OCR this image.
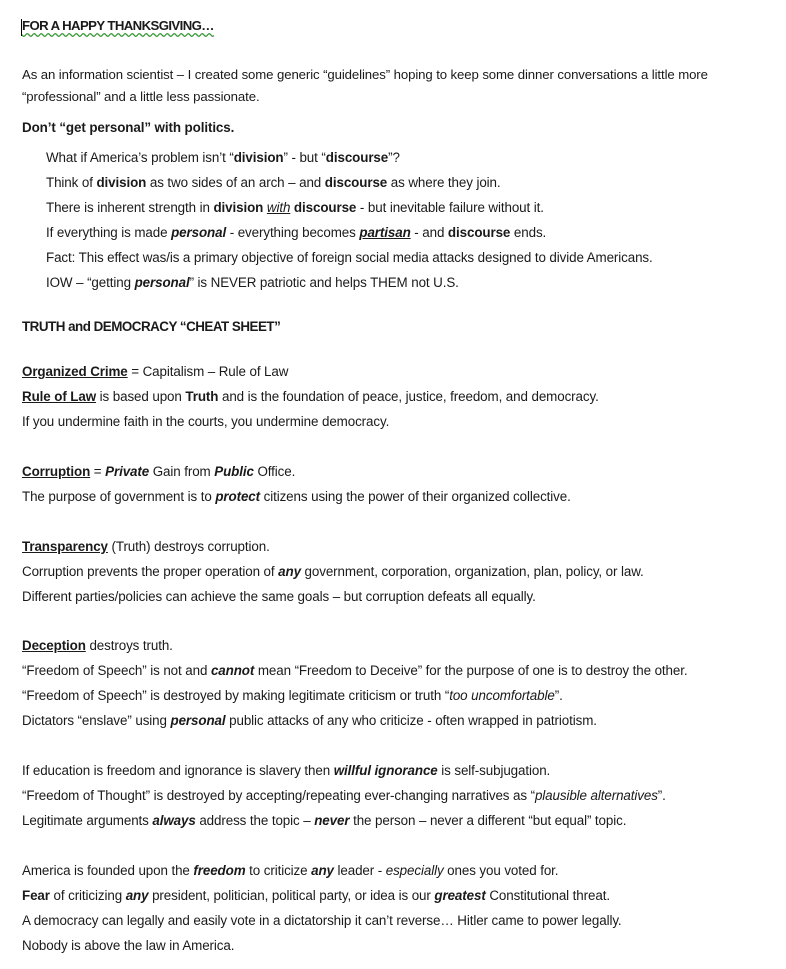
FOR A HAPPY THANKSGIVING…
As an information scientist – I created some generic “guidelines” hoping to keep some dinner conversations a little more
“professional” and a little less passionate.
Don’t “get personal” with politics.
What if America’s problem isn’t “division” - but “discourse”?
Think of division as two sides of an arch – and discourse as where they join.
There is inherent strength in division with discourse - but inevitable failure without it.
If everything is made personal - everything becomes partisan - and discourse ends.
Fact: This effect was/is a primary objective of foreign social media attacks designed to divide Americans.
IOW – “getting personal” is NEVER patriotic and helps THEM not U.S.
TRUTH and DEMOCRACY “CHEAT SHEET”
Organized Crime = Capitalism – Rule of Law
Rule of Law is based upon Truth and is the foundation of peace, justice, freedom, and democracy.
If you undermine faith in the courts, you undermine democracy.
Corruption = Private Gain from Public Office.
The purpose of government is to protect citizens using the power of their organized collective.
Transparency (Truth) destroys corruption.
Corruption prevents the proper operation of any government, corporation, organization, plan, policy, or law.
Different parties/policies can achieve the same goals – but corruption defeats all equally.
Deception destroys truth.
“Freedom of Speech” is not and cannot mean “Freedom to Deceive” for the purpose of one is to destroy the other.
“Freedom of Speech” is destroyed by making legitimate criticism or truth “too uncomfortable”.
Dictators “enslave” using personal public attacks of any who criticize - often wrapped in patriotism.
If education is freedom and ignorance is slavery then willful ignorance is self-subjugation.
“Freedom of Thought” is destroyed by accepting/repeating ever-changing narratives as “plausible alternatives”.
Legitimate arguments always address the topic – never the person – never a different “but equal” topic.
America is founded upon the freedom to criticize any leader - especially ones you voted for.
Fear of criticizing any president, politician, political party, or idea is our greatest Constitutional threat.
A democracy can legally and easily vote in a dictatorship it can’t reverse… Hitler came to power legally.
Nobody is above the law in America.
